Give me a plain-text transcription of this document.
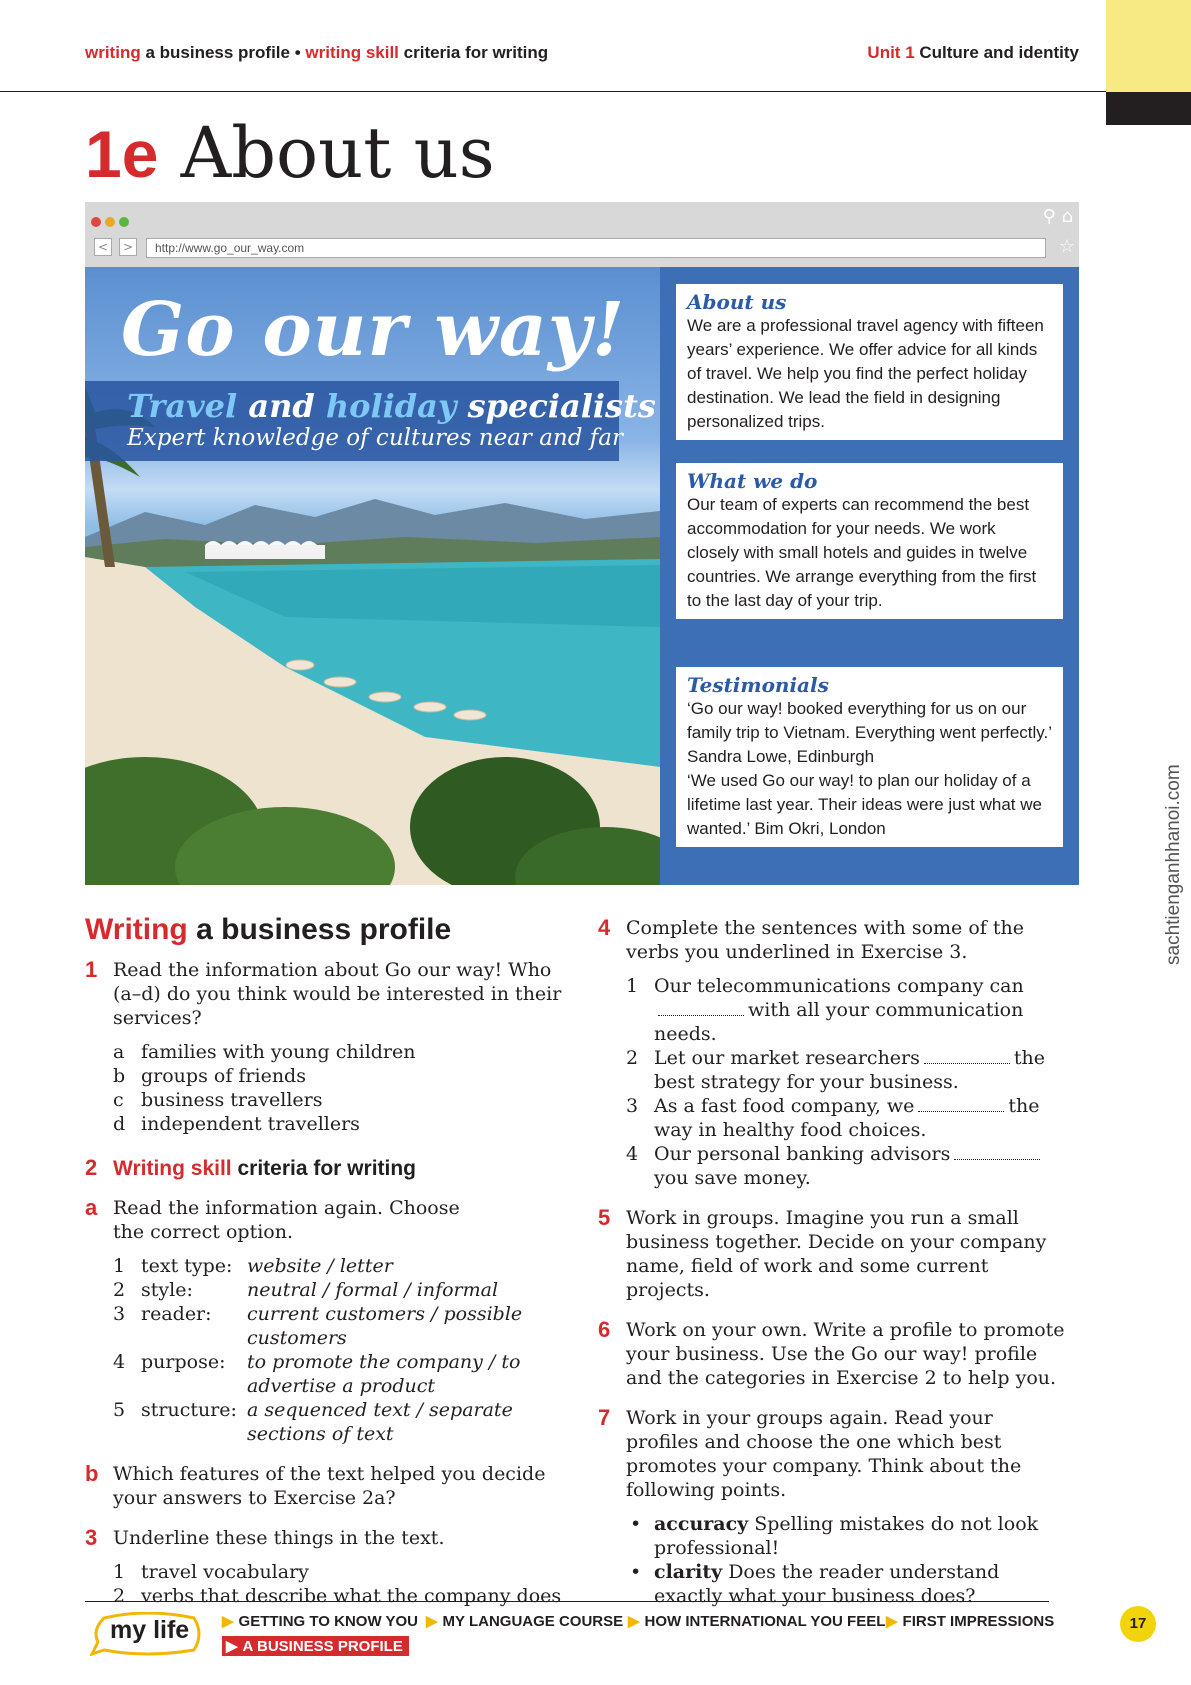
writing a business profile • writing skill criteria for writing	Unit 1 Culture and identity
1e About us
⚲ ⌂
<	>	http://www.go_our_way.com	☆
Go our way!
Travel and holiday specialists
Expert knowledge of cultures near and far
About us

We are a professional travel agency with fifteen years’ experience. We offer advice for all kinds of travel. We help you find the perfect holiday destination. We lead the field in designing personalized trips.

What we do

Our team of experts can recommend the best accommodation for your needs. We work closely with small hotels and guides in twelve countries. We arrange everything from the first to the last day of your trip.

Testimonials

‘Go our way! booked everything for us on our family trip to Vietnam. Everything went perfectly.’ Sandra Lowe, Edinburgh

‘We used Go our way! to plan our holiday of a lifetime last year. Their ideas were just what we wanted.’ Bim Okri, London

Writing a business profile
1 Read the information about Go our way! Who (a–d) do you think would be interested in their services?
a families with young children
b groups of friends
c business travellers
d independent travellers
2 Writing skill criteria for writing
a Read the information again. Choose the correct option.
1	text type:	website / letter
2	style:	neutral / formal / informal
3	reader:	current customers / possible customers
4	purpose:	to promote the company / to advertise a product
5	structure:	a sequenced text / separate sections of text
b Which features of the text helped you decide your answers to Exercise 2a?
3 Underline these things in the text.
1 travel vocabulary
2 verbs that describe what the company does
4 Complete the sentences with some of the verbs you underlined in Exercise 3.
1 Our telecommunications company canwith all your communication needs.
2 Let our market researchers	the best strategy for your business.
3 As a fast food company, we	the way in healthy food choices.
4 Our personal banking advisorsyou save money.
5 Work in groups. Imagine you run a small business together. Decide on your company name, field of work and some current projects.
6 Work on your own. Write a profile to promote your business. Use the Go our way! profile and the categories in Exercise 2 to help you.
7 Work in your groups again. Read your profiles and choose the one which best promotes your company. Think about the following points.
• accuracy Spelling mistakes do not look professional!
• clarity Does the reader understand exactly what your business does?
my life ▶ GETTING TO KNOW YOU ▶ MY LANGUAGE COURSE ▶ HOW INTERNATIONAL YOU FEEL ▶ FIRST IMPRESSIONS
▶ A BUSINESS PROFILE
17
sachtienganhhanoi.com
